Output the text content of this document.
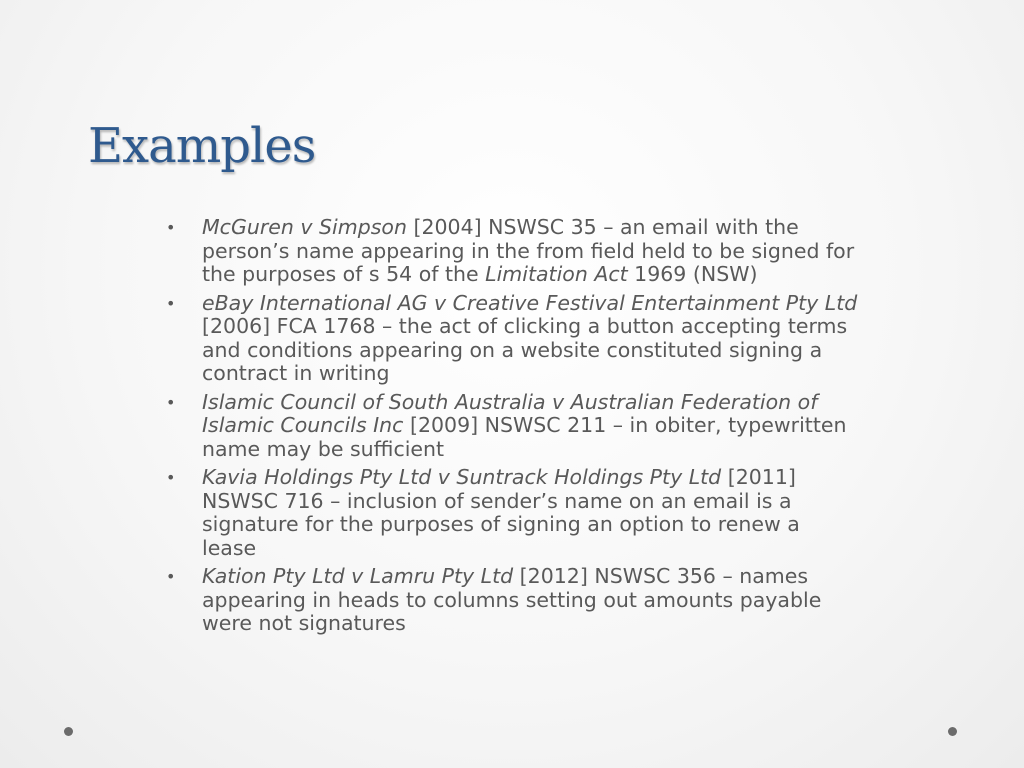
Examples
• McGuren v Simpson [2004] NSWSC 35 – an email with the person’s name appearing in the from field held to be signed for the purposes of s 54 of the Limitation Act 1969 (NSW)
• eBay International AG v Creative Festival Entertainment Pty Ltd [2006] FCA 1768 – the act of clicking a button accepting terms and conditions appearing on a website constituted signing a contract in writing
• Islamic Council of South Australia v Australian Federation of Islamic Councils Inc [2009] NSWSC 211 – in obiter, typewritten name may be sufficient
• Kavia Holdings Pty Ltd v Suntrack Holdings Pty Ltd [2011] NSWSC 716 – inclusion of sender’s name on an email is a signature for the purposes of signing an option to renew a lease
• Kation Pty Ltd v Lamru Pty Ltd [2012] NSWSC 356 – names appearing in heads to columns setting out amounts payable were not signatures
